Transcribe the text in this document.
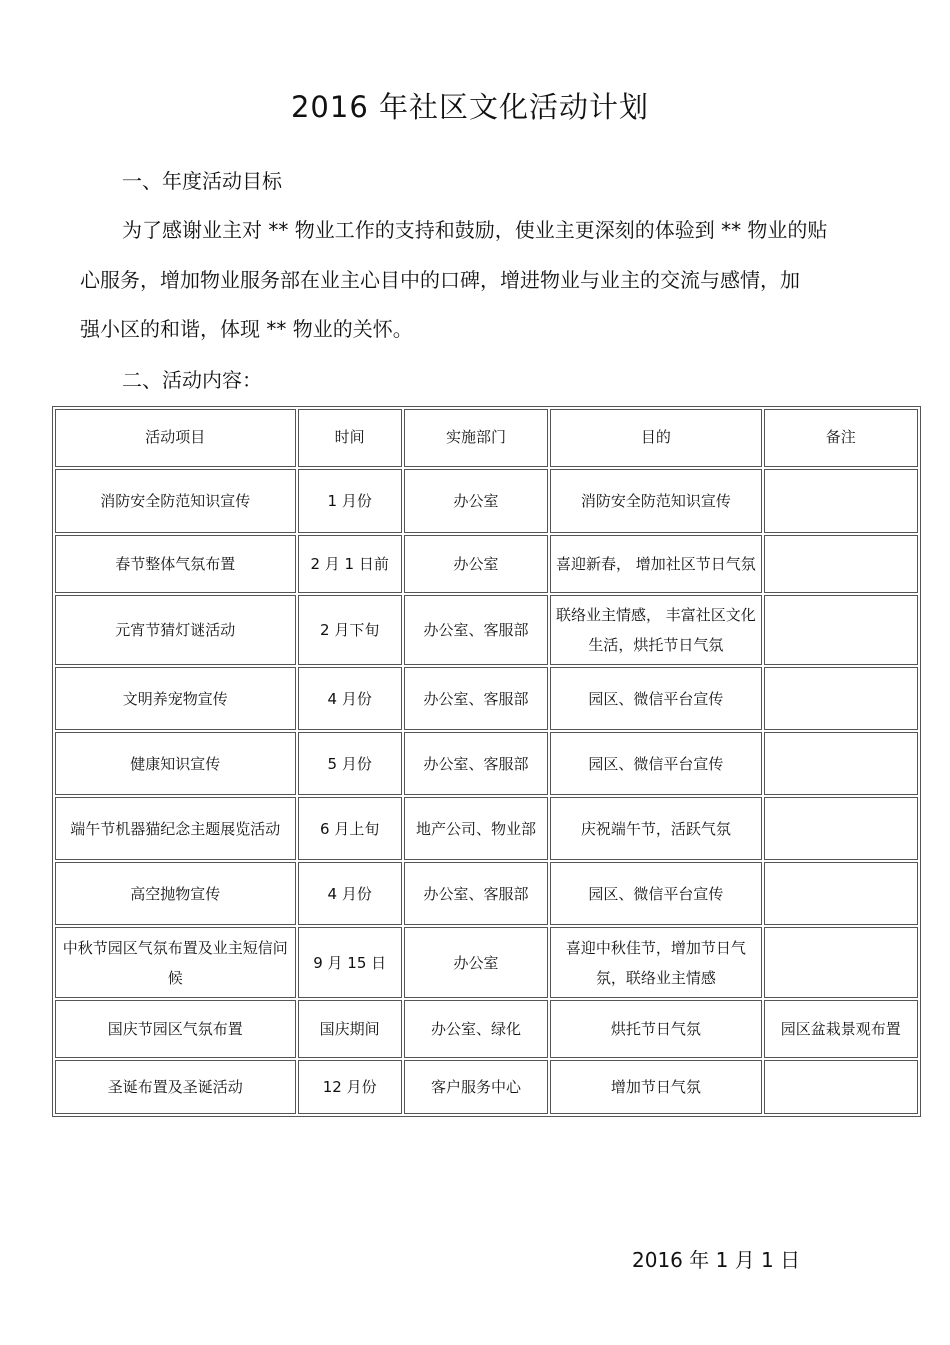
2016 年社区文化活动计划
一、年度活动目标
为了感谢业主对 ** 物业工作的支持和鼓励，使业主更深刻的体验到 ** 物业的贴
心服务，增加物业服务部在业主心目中的口碑，增进物业与业主的交流与感情，加
强小区的和谐，体现 ** 物业的关怀。
二、活动内容：
活动项目	时间	实施部门	目的	备注
消防安全防范知识宣传	1 月份	办公室	消防安全防范知识宣传	
春节整体气氛布置	2 月 1 日前	办公室	喜迎新春， 增加社区节日气氛	
元宵节猜灯谜活动	2 月下旬	办公室、客服部	联络业主情感， 丰富社区文化生活，烘托节日气氛	
文明养宠物宣传	4 月份	办公室、客服部	园区、微信平台宣传	
健康知识宣传	5 月份	办公室、客服部	园区、微信平台宣传	
端午节机器猫纪念主题展览活动	6 月上旬	地产公司、物业部	庆祝端午节，活跃气氛	
高空抛物宣传	4 月份	办公室、客服部	园区、微信平台宣传	
中秋节园区气氛布置及业主短信问候	9 月 15 日	办公室	喜迎中秋佳节，增加节日气氛，联络业主情感	
国庆节园区气氛布置	国庆期间	办公室、绿化	烘托节日气氛	园区盆栽景观布置
圣诞布置及圣诞活动	12 月份	客户服务中心	增加节日气氛	
2016 年 1 月 1 日
